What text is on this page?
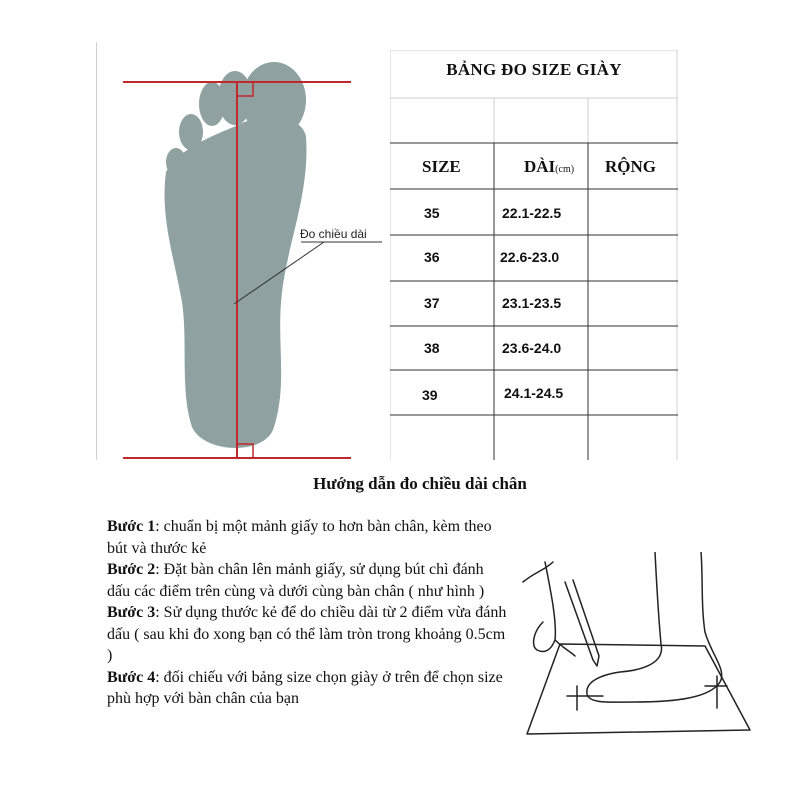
Đo chiều dài
BẢNG ĐO SIZE GIÀY
SIZE	DÀI(cm) RỘNG
35	22.1-22.5
36	22.6-23.0
37	23.1-23.5
38	23.6-24.0
39	24.1-24.5
Hướng dẫn đo chiều dài chân

Bước 1: chuẩn bị một mảnh giấy to hơn bàn chân, kèm theo bút và thước kẻ

Bước 2: Đặt bàn chân lên mảnh giấy, sử dụng bút chì đánh dấu các điểm trên cùng và dưới cùng bàn chân ( như hình )

Bước 3: Sử dụng thước kẻ để do chiều dài từ 2 điểm vừa đánh dấu ( sau khi đo xong bạn có thể làm tròn trong khoảng 0.5cm )

Bước 4: đối chiếu với bảng size chọn giày ở trên để chọn size phù hợp với bàn chân của bạn
